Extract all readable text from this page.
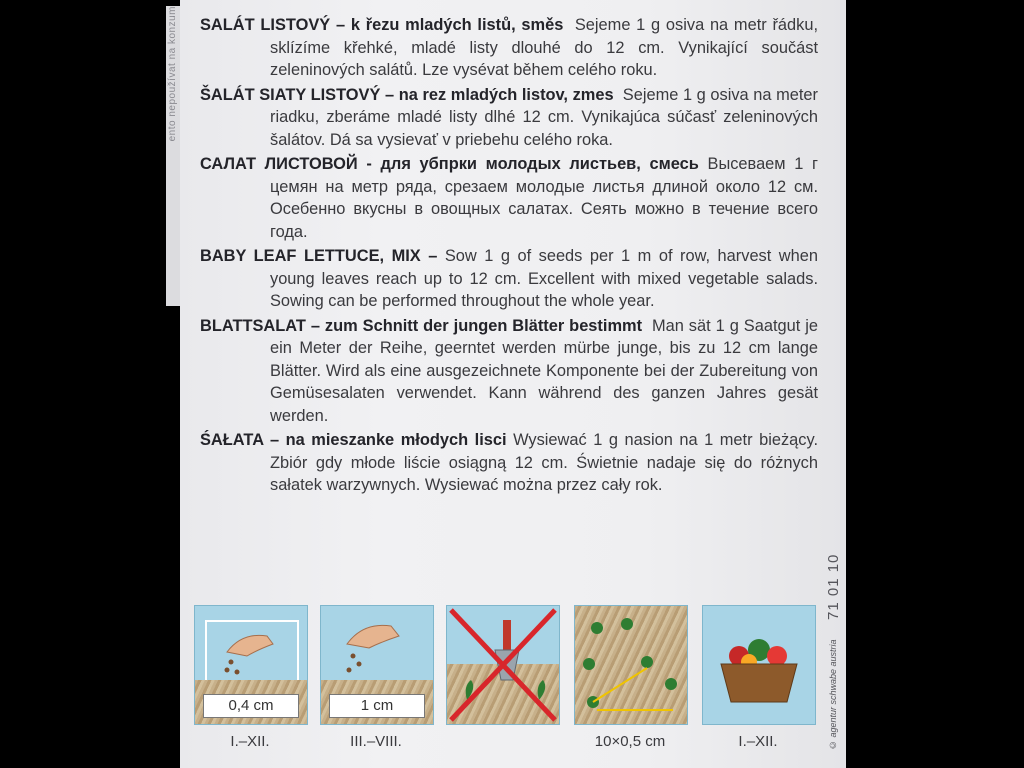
ento nepoužívat na konzum SALÁT LISTOVÝ – k řezu mladých listů, směs Sejeme 1 g osiva na metr řádku, sklízíme křehké, mladé listy dlouhé do 12 cm. Vynikající součást zeleninových salátů. Lze vysévat během celého roku.

ŠALÁT SIATY LISTOVÝ – na rez mladých listov, zmes Sejeme 1 g osiva na meter riadku, zberáme mladé listy dlhé 12 cm. Vynikajúca súčasť zeleninových šalátov. Dá sa vysievať v priebehu celého roka.

САЛАТ ЛИСТОВОЙ - для убпрки молодых листьев, смесь Высеваем 1 г цемян на метр ряда, срезаем молодые листья длиной около 12 см. Осебенно вкусны в овощных салатах. Сеять можно в течение всего года.

BABY LEAF LETTUCE, MIX – Sow 1 g of seeds per 1 m of row, harvest when young leaves reach up to 12 cm. Excellent with mixed vegetable salads. Sowing can be performed throughout the whole year.

BLATTSALAT – zum Schnitt der jungen Blätter bestimmt Man sät 1 g Saatgut je ein Meter der Reihe, geerntet werden mürbe junge, bis zu 12 cm lange Blätter. Wird als eine ausgezeichnete Komponente bei der Zubereitung von Gemüsesalaten verwendet. Kann während des ganzen Jahres gesät werden.

ŚAŁATA – na mieszanke młodych lisci Wysiewać 1 g nasion na 1 metr bieżący. Zbiór gdy młode liście osiągną 12 cm. Świetnie nadaje się do różnych sałatek warzywnych. Wysiewać można przez cały rok.

71 01 10
© agentur schwabe austria
0,4 cm
I.–XII.
1 cm
III.–VIII.	10×0,5 cm	I.–XII.
